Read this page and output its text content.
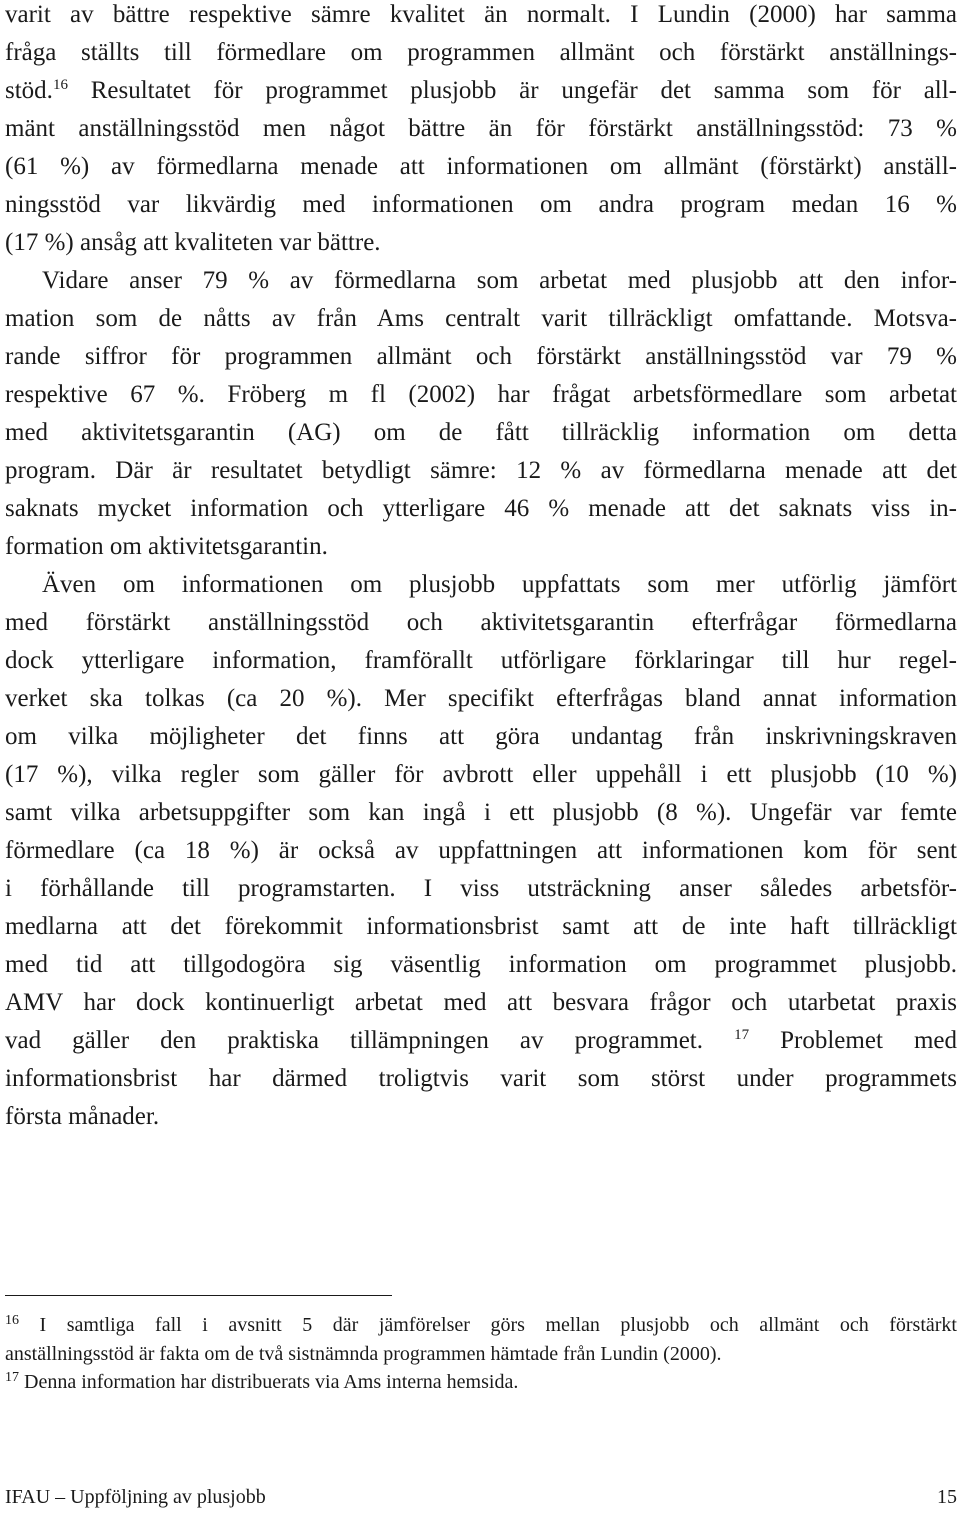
varit av bättre respektive sämre kvalitet än normalt. I Lundin (2000) har samma
fråga ställts till förmedlare om programmen allmänt och förstärkt anställnings-
stöd.$^{16}$ Resultatet för programmet plusjobb är ungefär det samma som för all-
mänt anställningsstöd men något bättre än för förstärkt anställningsstöd: 73 %
(61 %) av förmedlarna menade att informationen om allmänt (förstärkt) anställ-
ningsstöd var likvärdig med informationen om andra program medan 16 %
(17 %) ansåg att kvaliteten var bättre.
Vidare anser 79 % av förmedlarna som arbetat med plusjobb att den infor-
mation som de nåtts av från Ams centralt varit tillräckligt omfattande. Motsva-
rande siffror för programmen allmänt och förstärkt anställningsstöd var 79 %
respektive 67 %. Fröberg m fl (2002) har frågat arbetsförmedlare som arbetat
med aktivitetsgarantin (AG) om de fått tillräcklig information om detta
program. Där är resultatet betydligt sämre: 12 % av förmedlarna menade att det
saknats mycket information och ytterligare 46 % menade att det saknats viss in-
formation om aktivitetsgarantin.
Även om informationen om plusjobb uppfattats som mer utförlig jämfört
med förstärkt anställningsstöd och aktivitetsgarantin efterfrågar förmedlarna
dock ytterligare information, framförallt utförligare förklaringar till hur regel-
verket ska tolkas (ca 20 %). Mer specifikt efterfrågas bland annat information
om vilka möjligheter det finns att göra undantag från inskrivningskraven
(17 %), vilka regler som gäller för avbrott eller uppehåll i ett plusjobb (10 %)
samt vilka arbetsuppgifter som kan ingå i ett plusjobb (8 %). Ungefär var femte
förmedlare (ca 18 %) är också av uppfattningen att informationen kom för sent
i förhållande till programstarten. I viss utsträckning anser således arbetsför-
medlarna att det förekommit informationsbrist samt att de inte haft tillräckligt
med tid att tillgodogöra sig väsentlig information om programmet plusjobb.
AMV har dock kontinuerligt arbetat med att besvara frågor och utarbetat praxis
vad gäller den praktiska tillämpningen av programmet. $^{17}$ Problemet med
informationsbrist har därmed troligtvis varit som störst under programmets
första månader.
$^{16}$ I samtliga fall i avsnitt 5 där jämförelser görs mellan plusjobb och allmänt och förstärkt
anställningsstöd är fakta om de två sistnämnda programmen hämtade från Lundin (2000).
$^{17}$ Denna information har distribuerats via Ams interna hemsida.
IFAU – Uppföljning av plusjobb	15
